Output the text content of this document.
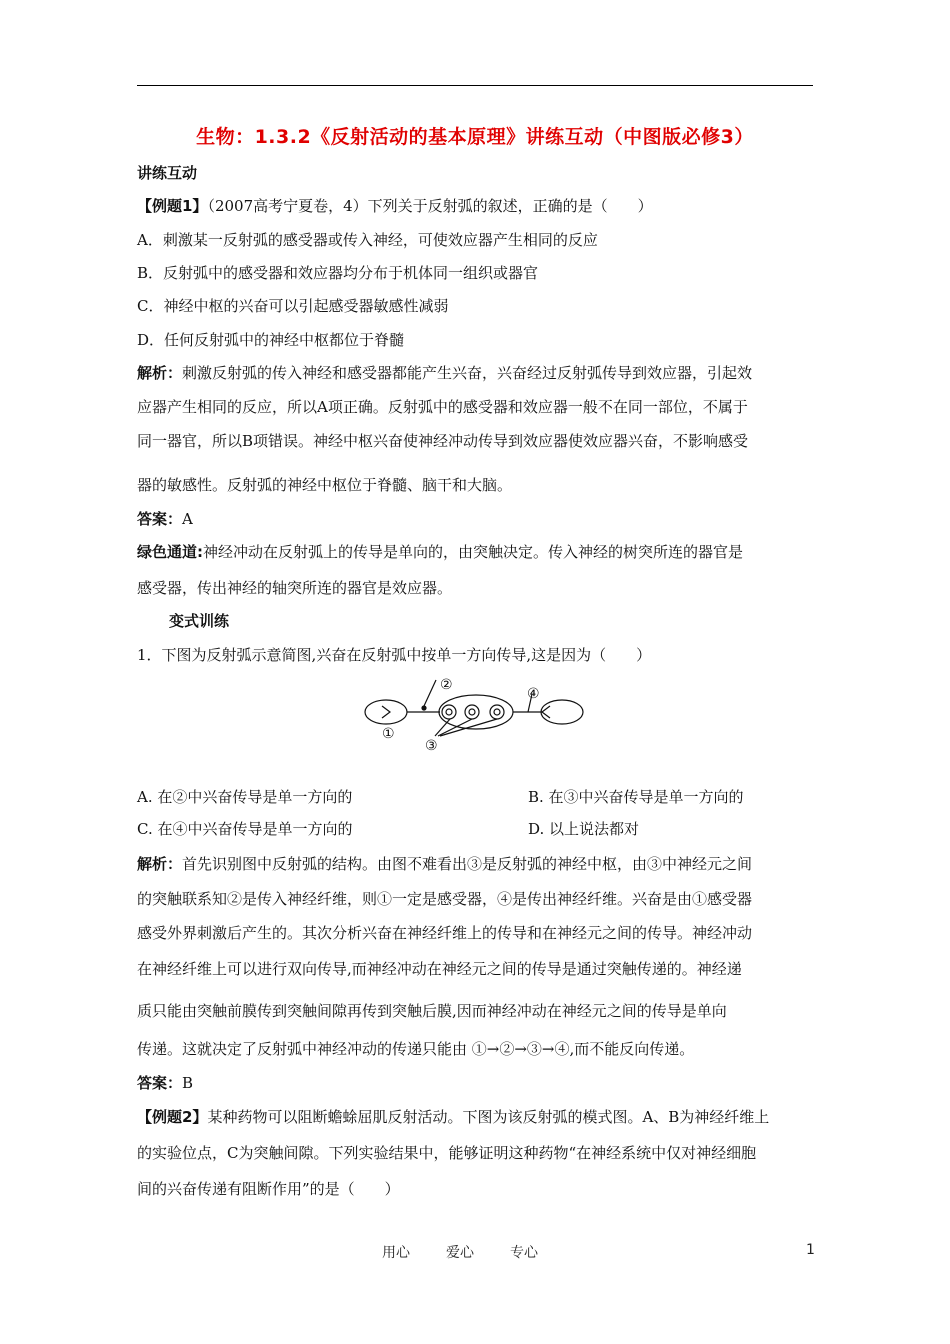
生物：1.3.2《反射活动的基本原理》讲练互动（中图版必修3）
讲练互动
【例题1】（2007高考宁夏卷，4）下列关于反射弧的叙述，正确的是（　　）
A．刺激某一反射弧的感受器或传入神经，可使效应器产生相同的反应
B．反射弧中的感受器和效应器均分布于机体同一组织或器官
C．神经中枢的兴奋可以引起感受器敏感性减弱
D．任何反射弧中的神经中枢都位于脊髓
解析：刺激反射弧的传入神经和感受器都能产生兴奋，兴奋经过反射弧传导到效应器，引起效
应器产生相同的反应，所以A项正确。反射弧中的感受器和效应器一般不在同一部位，不属于
同一器官，所以B项错误。神经中枢兴奋使神经冲动传导到效应器使效应器兴奋，不影响感受
器的敏感性。反射弧的神经中枢位于脊髓、脑干和大脑。
答案：A
绿色通道:神经冲动在反射弧上的传导是单向的，由突触决定。传入神经的树突所连的器官是
感受器，传出神经的轴突所连的器官是效应器。
变式训练
1．下图为反射弧示意简图,兴奋在反射弧中按单一方向传导,这是因为（　　）
②
④
①
③
A. 在②中兴奋传导是单一方向的	B. 在③中兴奋传导是单一方向的
C. 在④中兴奋传导是单一方向的	D. 以上说法都对
解析：首先识别图中反射弧的结构。由图不难看出③是反射弧的神经中枢，由③中神经元之间
的突触联系知②是传入神经纤维，则①一定是感受器，④是传出神经纤维。兴奋是由①感受器
感受外界刺激后产生的。其次分析兴奋在神经纤维上的传导和在神经元之间的传导。神经冲动
在神经纤维上可以进行双向传导,而神经冲动在神经元之间的传导是通过突触传递的。神经递
质只能由突触前膜传到突触间隙再传到突触后膜,因而神经冲动在神经元之间的传导是单向
传递。这就决定了反射弧中神经冲动的传递只能由 ①→②→③→④,而不能反向传递。
答案：B
【例题2】某种药物可以阻断蟾蜍屈肌反射活动。下图为该反射弧的模式图。A、B为神经纤维上
的实验位点，C为突触间隙。下列实验结果中，能够证明这种药物“在神经系统中仅对神经细胞
间的兴奋传递有阻断作用”的是（　　）
用心	爱心	专心	1
